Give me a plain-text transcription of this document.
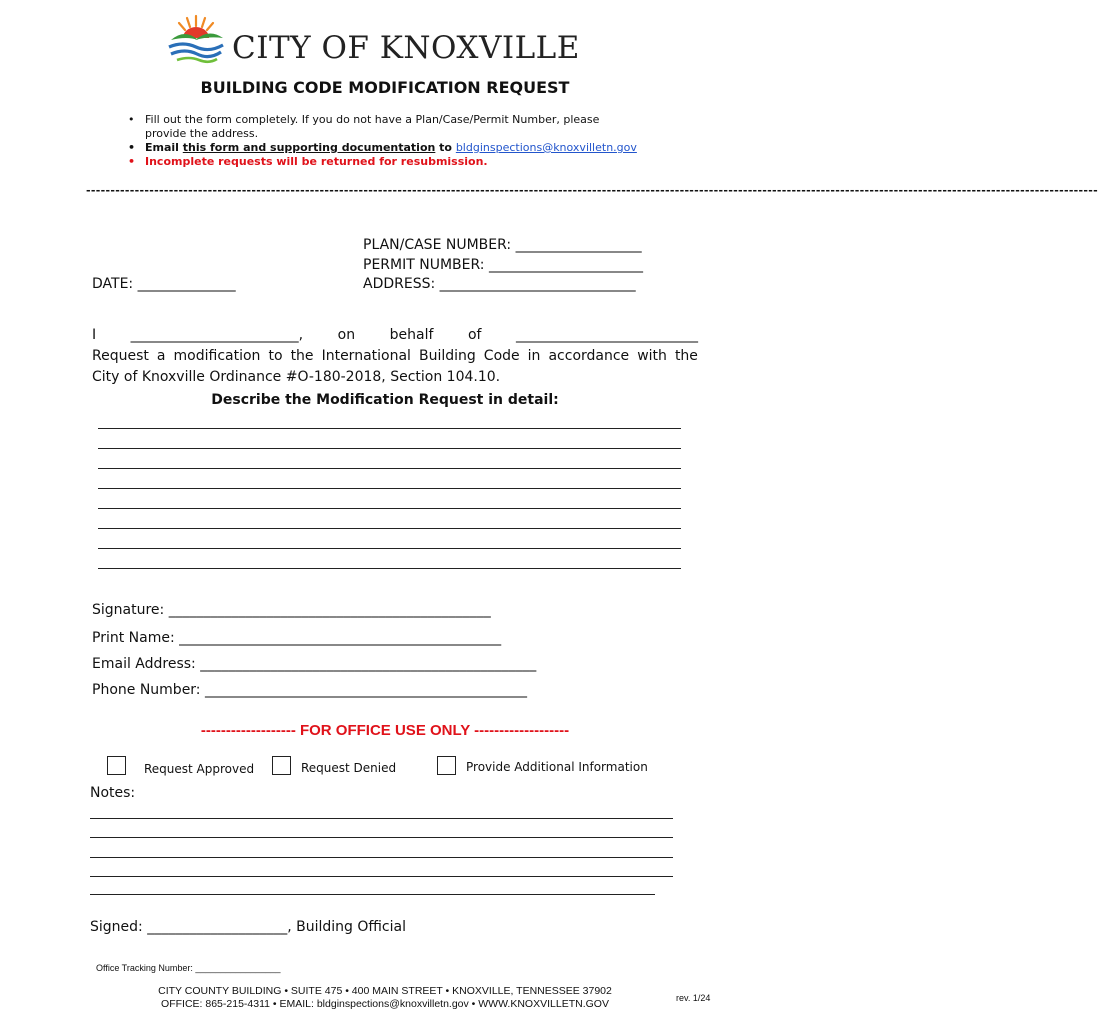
CITY OF KNOXVILLE
BUILDING CODE MODIFICATION REQUEST
• Fill out the form completely. If you do not have a Plan/Case/Permit Number, please
provide the address.
• Email this form and supporting documentation to bldginspections@knoxvilletn.gov
• Incomplete requests will be returned for resubmission.
----------------------------------------------------------------------------------------------------------------------------------------------------------------------------------------------------------------
PLAN/CASE NUMBER: __________________
PERMIT NUMBER: ______________________
DATE: ______________	ADDRESS: ____________________________
I ________________________, on behalf of __________________________
Request a modification to the International Building Code in accordance with the
City of Knoxville Ordinance #O-180-2018, Section 104.10.
Describe the Modification Request in detail:
Signature: ______________________________________________
Print Name: ______________________________________________
Email Address: ________________________________________________
Phone Number: ______________________________________________
------------------- FOR OFFICE USE ONLY -------------------
Request Approved	Request Denied	Provide Additional Information
Notes:
Signed: ____________________, Building Official
Office Tracking Number: _________________
CITY COUNTY BUILDING • SUITE 475 • 400 MAIN STREET • KNOXVILLE, TENNESSEE 37902
OFFICE: 865-215-4311 • EMAIL: bldginspections@knoxvilletn.gov • WWW.KNOXVILLETN.GOV	rev. 1/24
